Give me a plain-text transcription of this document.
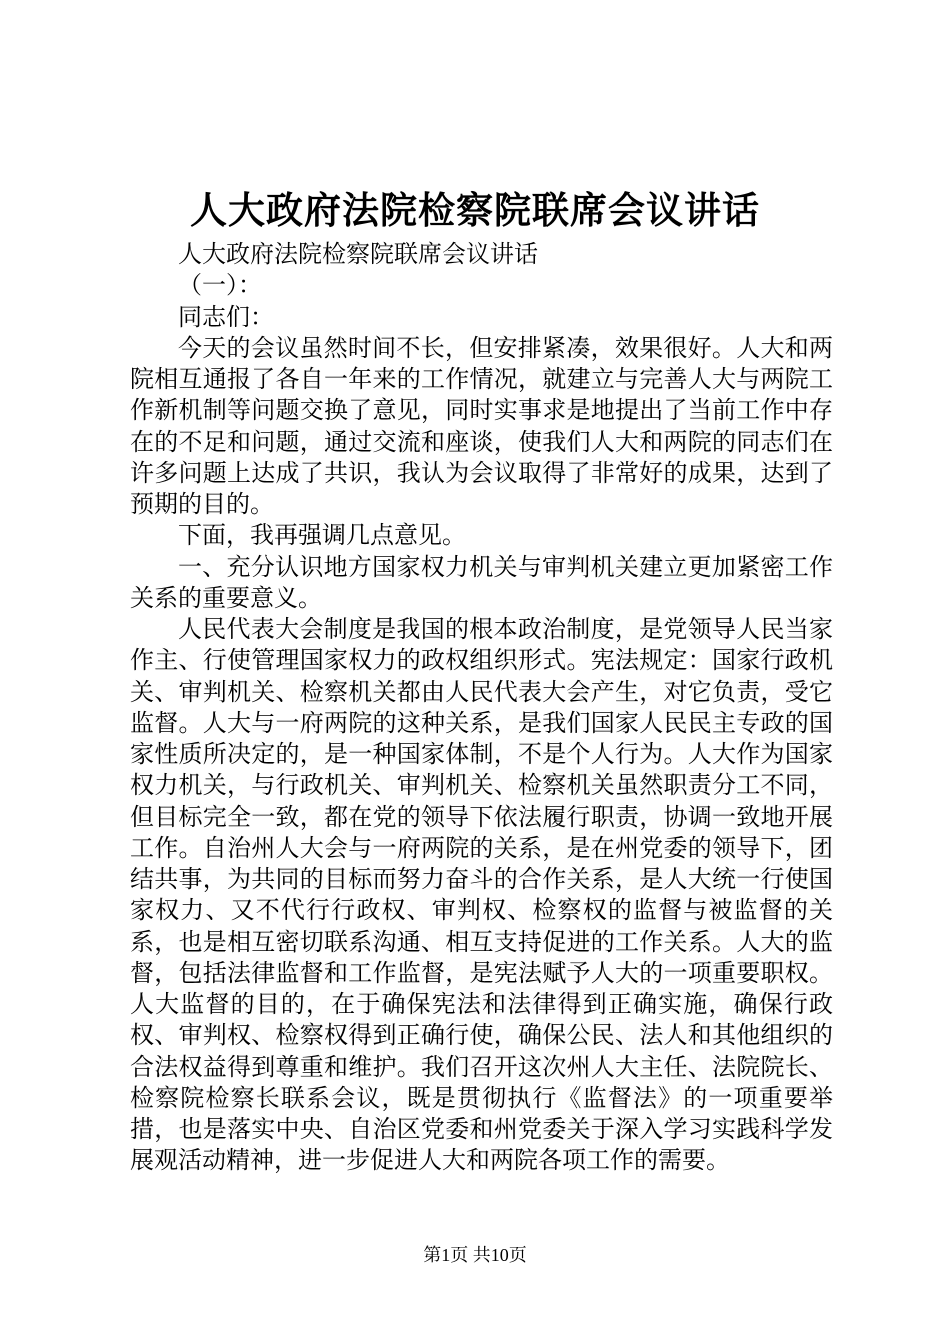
人大政府法院检察院联席会议讲话

人大政府法院检察院联席会议讲话

（一）：

同志们：

今天的会议虽然时间不长，但安排紧凑，效果很好。人大和两院相互通报了各自一年来的工作情况，就建立与完善人大与两院工作新机制等问题交换了意见，同时实事求是地提出了当前工作中存在的不足和问题，通过交流和座谈，使我们人大和两院的同志们在许多问题上达成了共识，我认为会议取得了非常好的成果，达到了预期的目的。

下面，我再强调几点意见。

一、充分认识地方国家权力机关与审判机关建立更加紧密工作关系的重要意义。

人民代表大会制度是我国的根本政治制度，是党领导人民当家作主、行使管理国家权力的政权组织形式。宪法规定：国家行政机关、审判机关、检察机关都由人民代表大会产生，对它负责，受它监督。人大与一府两院的这种关系，是我们国家人民民主专政的国家性质所决定的，是一种国家体制，不是个人行为。人大作为国家权力机关，与行政机关、审判机关、检察机关虽然职责分工不同，但目标完全一致，都在党的领导下依法履行职责，协调一致地开展工作。自治州人大会与一府两院的关系，是在州党委的领导下，团结共事，为共同的目标而努力奋斗的合作关系，是人大统一行使国家权力、又不代行行政权、审判权、检察权的监督与被监督的关系，也是相互密切联系沟通、相互支持促进的工作关系。人大的监督，包括法律监督和工作监督，是宪法赋予人大的一项重要职权。人大监督的目的，在于确保宪法和法律得到正确实施，确保行政权、审判权、检察权得到正确行使，确保公民、法人和其他组织的合法权益得到尊重和维护。我们召开这次州人大主任、法院院长、检察院检察长联系会议，既是贯彻执行《监督法》的一项重要举措，也是落实中央、自治区党委和州党委关于深入学习实践科学发展观活动精神，进一步促进人大和两院各项工作的需要。

第1页 共10页
